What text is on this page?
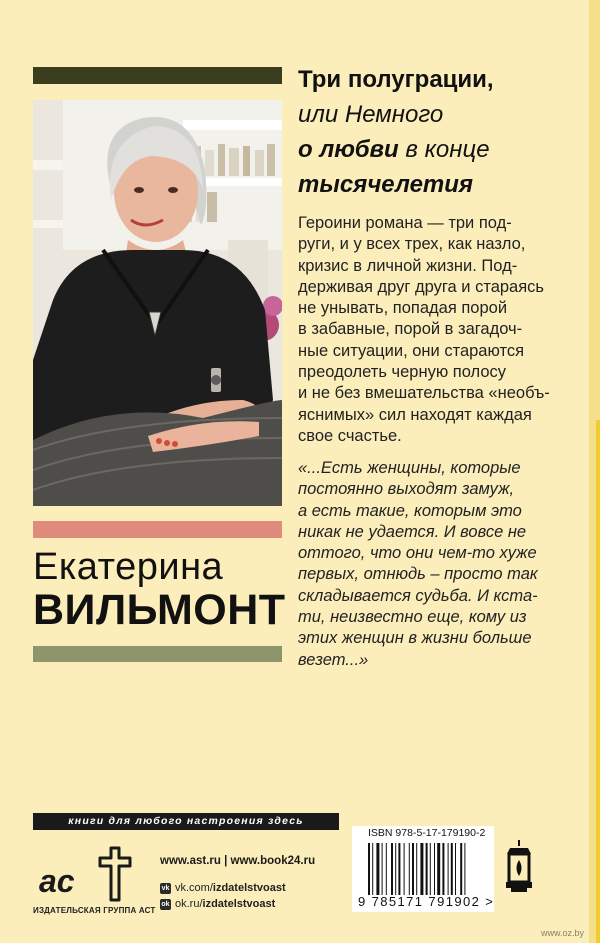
Екатерина
ВИЛЬМОНТ
Три полуграции,
или Немного
о любви в конце
тысячелетия
Героини романа — три под-
руги, и у всех трех, как назло,
кризис в личной жизни. Под-
держивая друг друга и стараясь
не унывать, попадая порой
в забавные, порой в загадоч-
ные ситуации, они стараются
преодолеть черную полосу
и не без вмешательства «необъ-
яснимых» сил находят каждая
свое счастье.
«...Есть женщины, которые
постоянно выходят замуж,
а есть такие, которым это
никак не удается. И вовсе не
оттого, что они чем-то хуже
первых, отнюдь – просто так
складывается судьба. И кста-
ти, неизвестно еще, кому из
этих женщин в жизни больше
везет...»
книги для любого настроения здесь
ас
ИЗДАТЕЛЬСКАЯ ГРУППА АСТ
www.ast.ru | www.book24.ru
vk vk.com/ izdatelstvoast
ok ok.ru/ izdatelstvoast
ISBN 978-5-17-179190-2
9 785171 791902 >
www.oz.by
